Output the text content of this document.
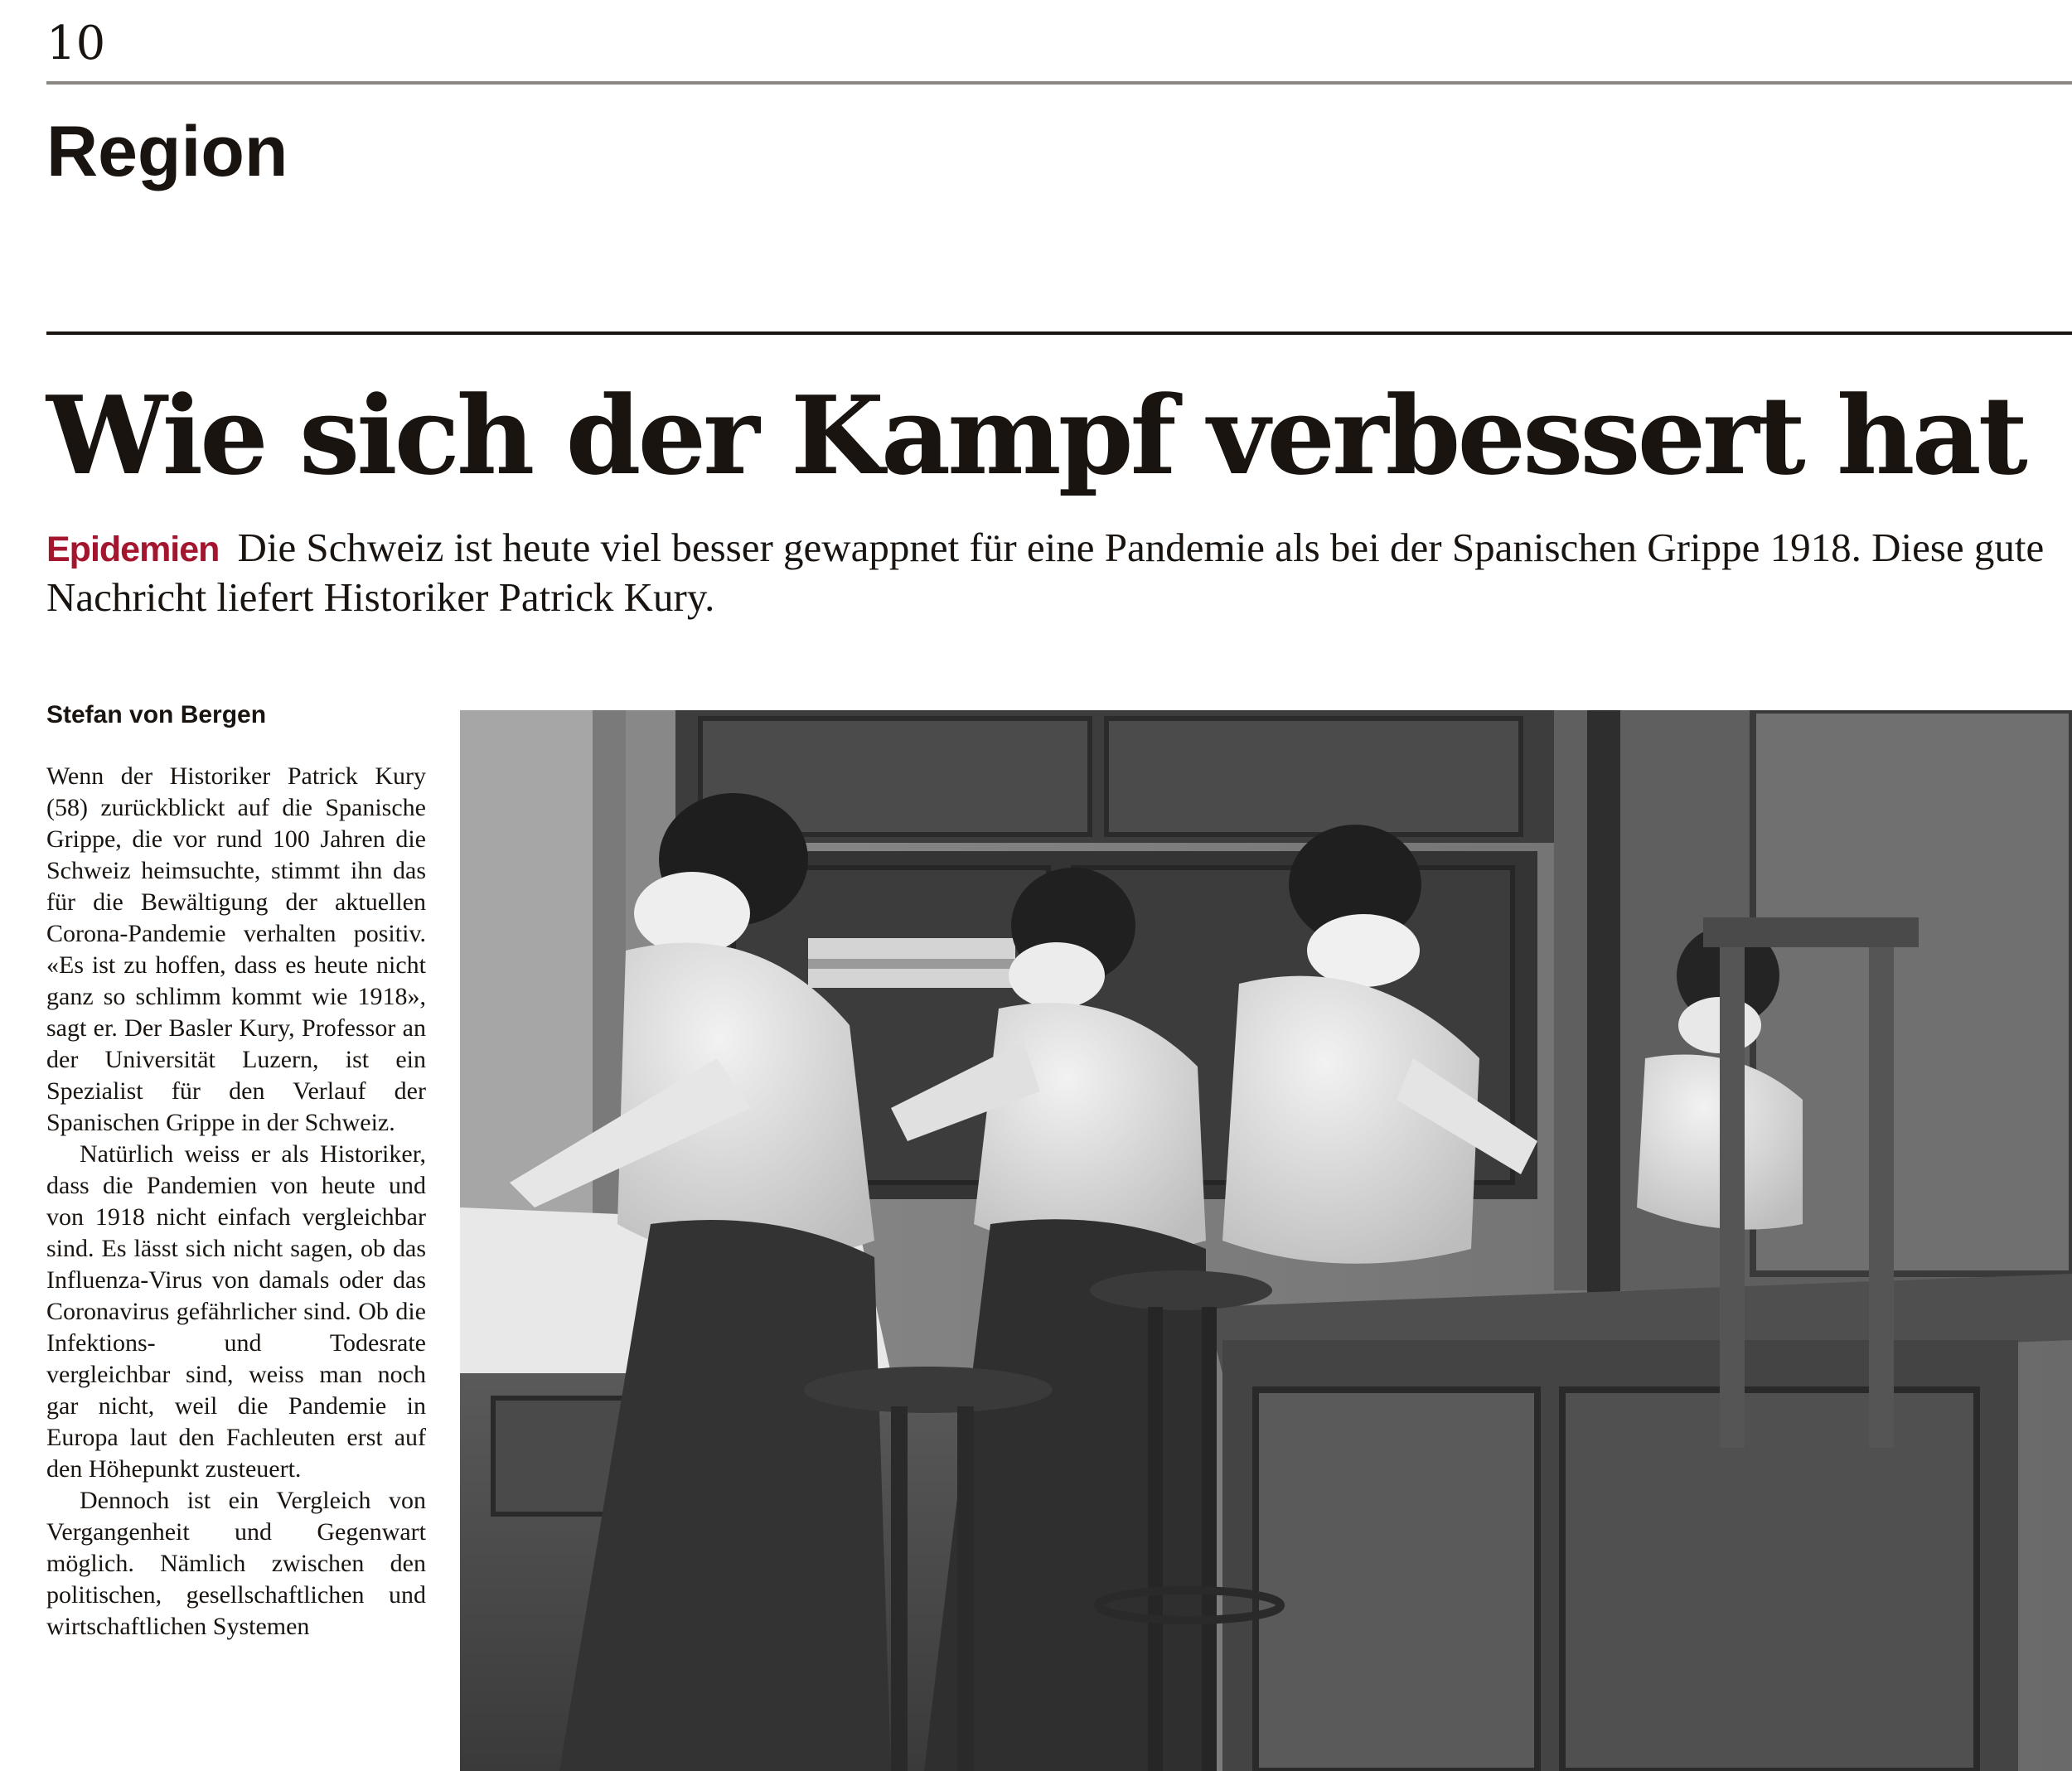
10
Region
Wie sich der Kampf verbessert hat

Epidemien Die Schweiz ist heute viel besser gewappnet für eine Pandemie als bei der Spanischen Grippe 1918. Diese gute Nachricht liefert Historiker Patrick Kury.

Stefan von Bergen

Wenn der Historiker Patrick Kury (58) zurückblickt auf die Spanische Grippe, die vor rund 100 Jahren die Schweiz heimsuchte, stimmt ihn das für die Bewältigung der aktuellen Corona-Pandemie verhalten positiv. «Es ist zu hoffen, dass es heute nicht ganz so schlimm kommt wie 1918», sagt er. Der Basler Kury, Professor an der Universität Luzern, ist ein Spezialist für den Verlauf der Spanischen Grippe in der Schweiz.

Natürlich weiss er als Historiker, dass die Pandemien von heute und von 1918 nicht einfach vergleichbar sind. Es lässt sich nicht sagen, ob das Influenza-Virus von damals oder das Coronavirus gefährlicher sind. Ob die Infektions- und Todesrate vergleichbar sind, weiss man noch gar nicht, weil die Pandemie in Europa laut den Fachleuten erst auf den Höhepunkt zusteuert.

Dennoch ist ein Vergleich von Vergangenheit und Gegenwart möglich. Nämlich zwischen den politischen, gesellschaftlichen und wirtschaftlichen Systemen
